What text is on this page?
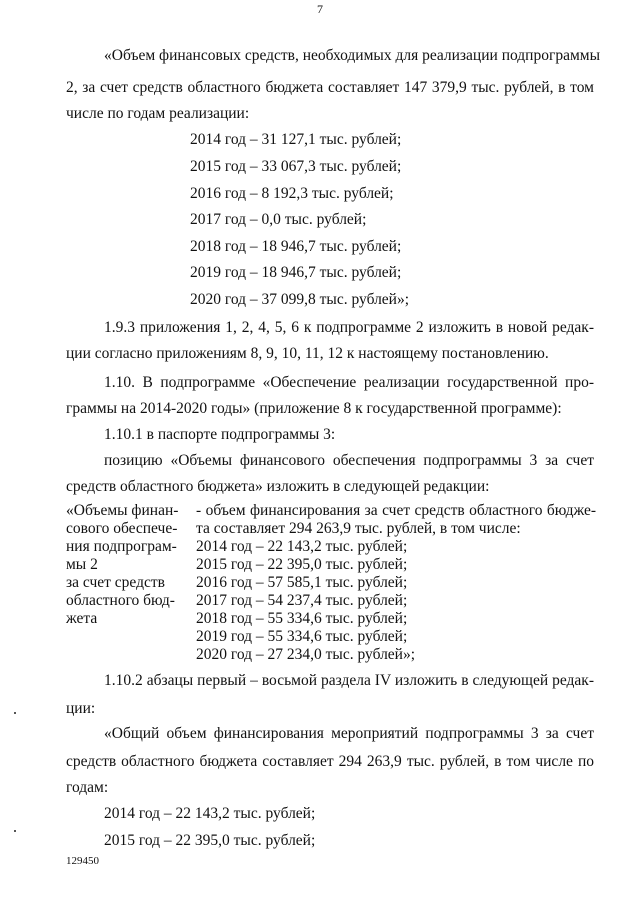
7
«Объем финансовых средств, необходимых для реализации подпрограммы
2, за счет средств областного бюджета составляет 147 379,9 тыс. рублей, в том
числе по годам реализации:
2014 год – 31 127,1 тыс. рублей;
2015 год – 33 067,3 тыс. рублей;
2016 год – 8 192,3 тыс. рублей;
2017 год – 0,0 тыс. рублей;
2018 год – 18 946,7 тыс. рублей;
2019 год – 18 946,7 тыс. рублей;
2020 год – 37 099,8 тыс. рублей»;
1.9.3 приложения 1, 2, 4, 5, 6 к подпрограмме 2 изложить в новой редак-
ции согласно приложениям 8, 9, 10, 11, 12 к настоящему постановлению.
1.10. В подпрограмме «Обеспечение реализации государственной про-
граммы на 2014-2020 годы» (приложение 8 к государственной программе):
1.10.1 в паспорте подпрограммы 3:
позицию «Объемы финансового обеспечения подпрограммы 3 за счет
средств областного бюджета» изложить в следующей редакции:
«Объемы финан-
сового обеспече-
ния подпрограм-
мы 2
за счет средств
областного бюд-
жета
- объем финансирования за счет средств областного бюдже-
та составляет 294 263,9 тыс. рублей, в том числе:
2014 год – 22 143,2 тыс. рублей;
2015 год – 22 395,0 тыс. рублей;
2016 год – 57 585,1 тыс. рублей;
2017 год – 54 237,4 тыс. рублей;
2018 год – 55 334,6 тыс. рублей;
2019 год – 55 334,6 тыс. рублей;
2020 год – 27 234,0 тыс. рублей»;
1.10.2 абзацы первый – восьмой раздела IV изложить в следующей редак-
ции:
«Общий объем финансирования мероприятий подпрограммы 3 за счет
средств областного бюджета составляет 294 263,9 тыс. рублей, в том числе по
годам:
2014 год – 22 143,2 тыс. рублей;
2015 год – 22 395,0 тыс. рублей;
129450
